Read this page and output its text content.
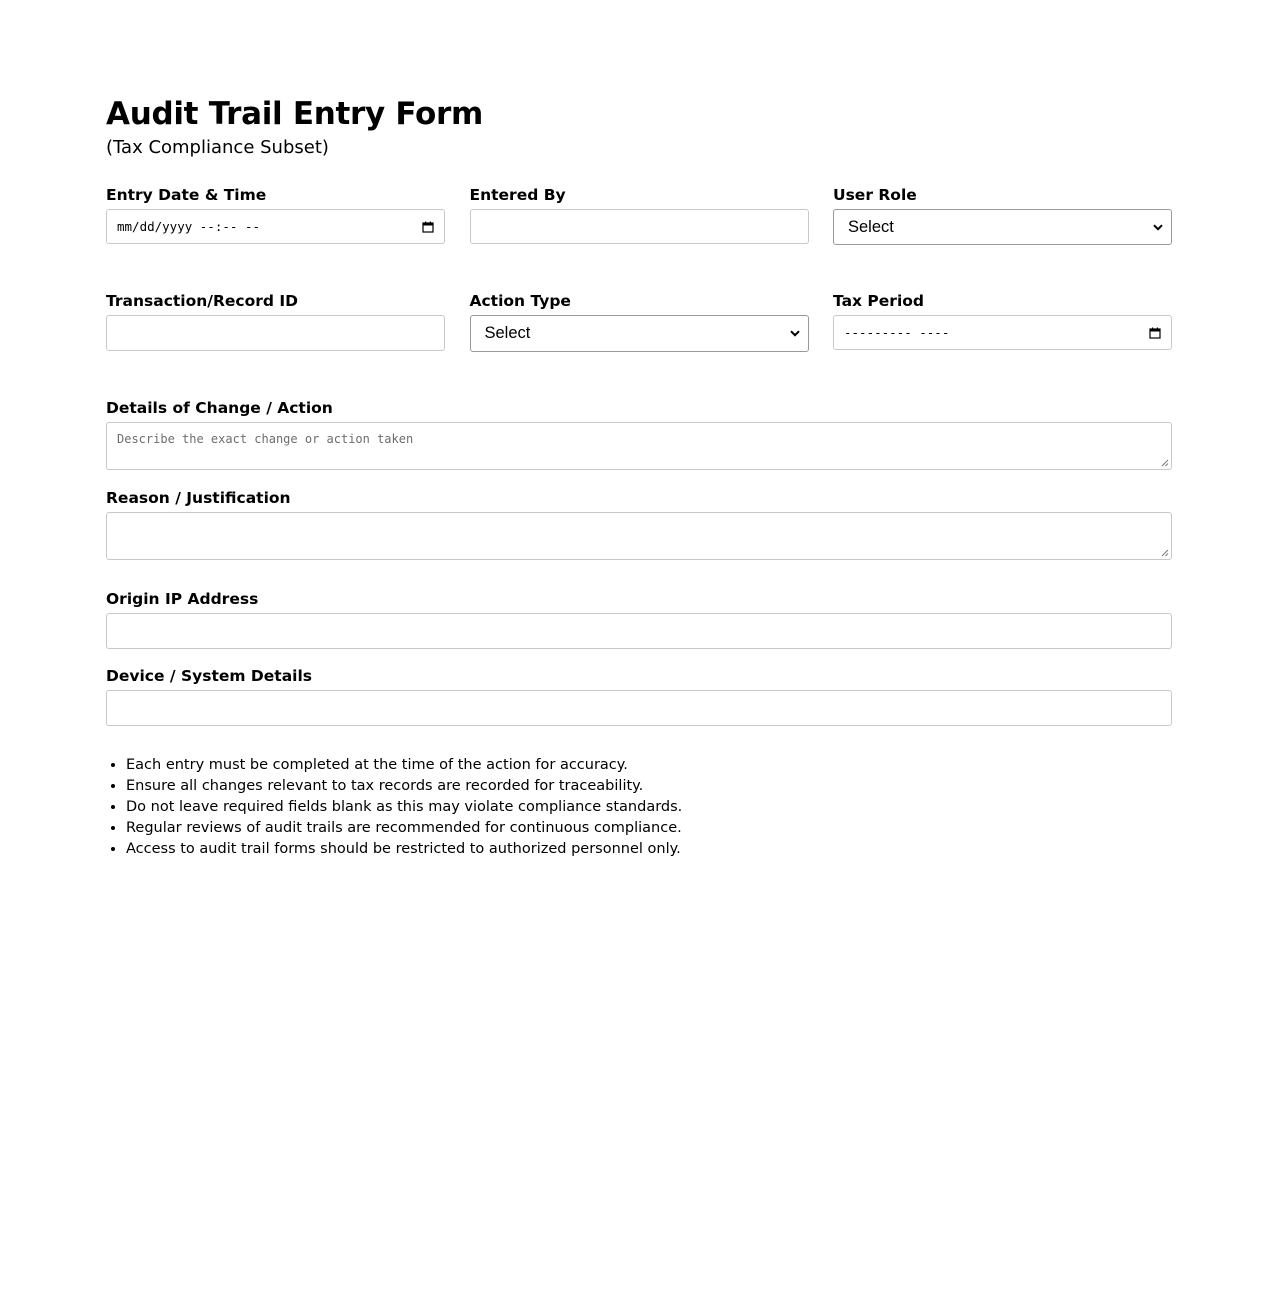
Audit Trail Entry Form
(Tax Compliance Subset)
Entry Date & Time
mm/dd/yyyy --:-- --
Entered By	User Role
Select
Transaction/Record ID	Action Type
Select
Tax Period
--------- ----
Details of Change / Action
Describe the exact change or action taken
Reason / Justification
Origin IP Address
Device / System Details
• Each entry must be completed at the time of the action for accuracy.
• Ensure all changes relevant to tax records are recorded for traceability.
• Do not leave required fields blank as this may violate compliance standards.
• Regular reviews of audit trails are recommended for continuous compliance.
• Access to audit trail forms should be restricted to authorized personnel only.
